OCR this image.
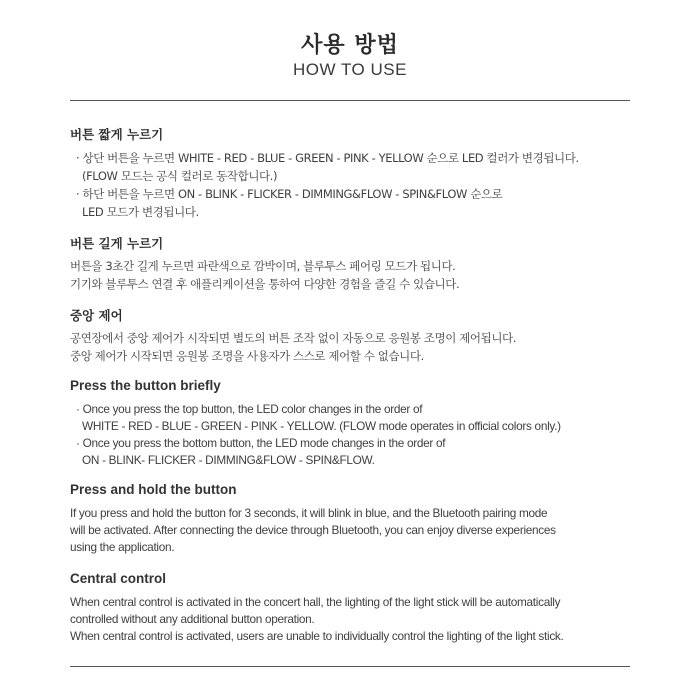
사용 방법
HOW TO USE
버튼 짧게 누르기
· 상단 버튼을 누르면 WHITE - RED - BLUE - GREEN - PINK - YELLOW 순으로 LED 컬러가 변경됩니다.
(FLOW 모드는 공식 컬러로 동작합니다.)
· 하단 버튼을 누르면 ON - BLINK - FLICKER - DIMMING&FLOW - SPIN&FLOW 순으로
LED 모드가 변경됩니다.
버튼 길게 누르기
버튼을 3초간 길게 누르면 파란색으로 깜박이며, 블루투스 페어링 모드가 됩니다.
기기와 블루투스 연결 후 애플리케이션을 통하여 다양한 경험을 즐길 수 있습니다.
중앙 제어
공연장에서 중앙 제어가 시작되면 별도의 버튼 조작 없이 자동으로 응원봉 조명이 제어됩니다.
중앙 제어가 시작되면 응원봉 조명을 사용자가 스스로 제어할 수 없습니다.
Press the button briefly
· Once you press the top button, the LED color changes in the order of
WHITE - RED - BLUE - GREEN - PINK - YELLOW. (FLOW mode operates in official colors only.)
· Once you press the bottom button, the LED mode changes in the order of
ON - BLINK- FLICKER - DIMMING&FLOW - SPIN&FLOW.
Press and hold the button
If you press and hold the button for 3 seconds, it will blink in blue, and the Bluetooth pairing mode
will be activated. After connecting the device through Bluetooth, you can enjoy diverse experiences
using the application.
Central control
When central control is activated in the concert hall, the lighting of the light stick will be automatically
controlled without any additional button operation.
When central control is activated, users are unable to individually control the lighting of the light stick.
